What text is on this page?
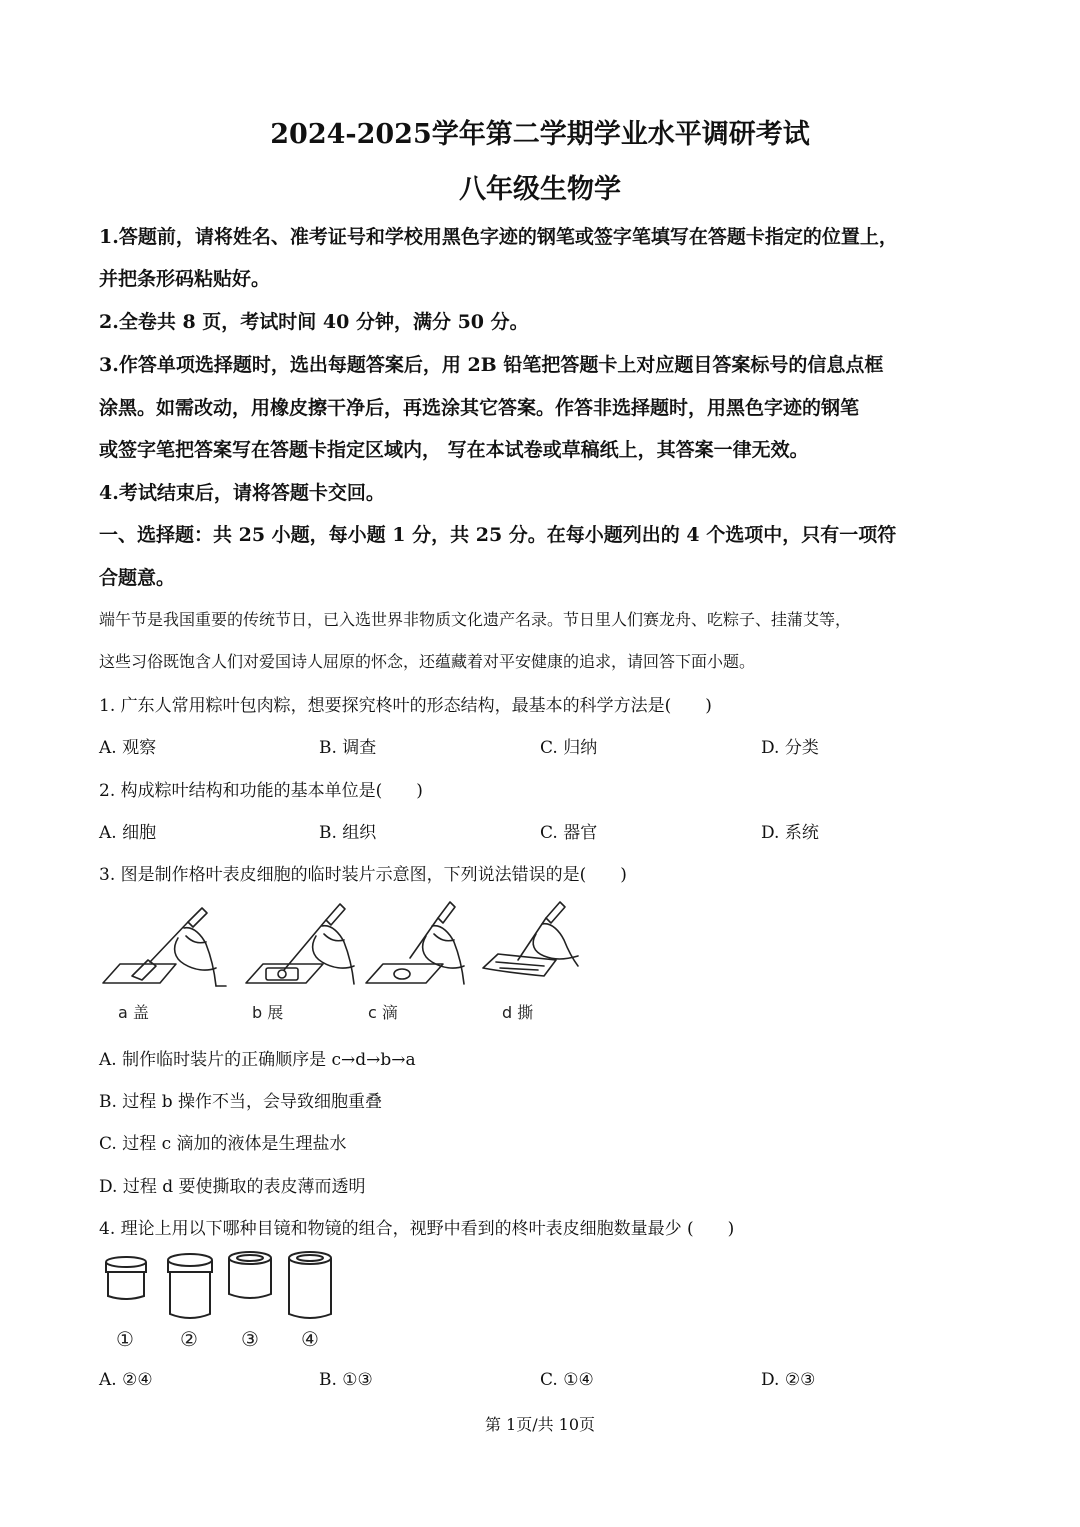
2024-2025学年第二学期学业水平调研考试
八年级生物学
1.答题前，请将姓名、准考证号和学校用黑色字迹的钢笔或签字笔填写在答题卡指定的位置上，
并把条形码粘贴好。
2.全卷共 8 页，考试时间 40 分钟，满分 50 分。
3.作答单项选择题时，选出每题答案后，用 2B 铅笔把答题卡上对应题目答案标号的信息点框
涂黑。如需改动，用橡皮擦干净后，再选涂其它答案。作答非选择题时，用黑色字迹的钢笔
或签字笔把答案写在答题卡指定区域内， 写在本试卷或草稿纸上，其答案一律无效。
4.考试结束后，请将答题卡交回。
一、选择题：共 25 小题，每小题 1 分，共 25 分。在每小题列出的 4 个选项中，只有一项符
合题意。
端午节是我国重要的传统节日，已入选世界非物质文化遗产名录。节日里人们赛龙舟、吃粽子、挂蒲艾等，
这些习俗既饱含人们对爱国诗人屈原的怀念，还蕴藏着对平安健康的追求，请回答下面小题。
1. 广东人常用粽叶包肉粽，想要探究柊叶的形态结构，最基本的科学方法是(　　)
A. 观察	B. 调查	C. 归纳	D. 分类
2. 构成粽叶结构和功能的基本单位是(　　)
A. 细胞	B. 组织	C. 器官	D. 系统
3. 图是制作格叶表皮细胞的临时装片示意图，下列说法错误的是(　　)
a 盖	b 展	c 滴	d 撕
A. 制作临时装片的正确顺序是 c→d→b→a
B. 过程 b 操作不当，会导致细胞重叠
C. 过程 c 滴加的液体是生理盐水
D. 过程 d 要使撕取的表皮薄而透明
4. 理论上用以下哪种目镜和物镜的组合，视野中看到的柊叶表皮细胞数量最少 (　　)
① ② ③ ④
A. ②④	B. ①③	C. ①④	D. ②③
第 1页/共 10页
